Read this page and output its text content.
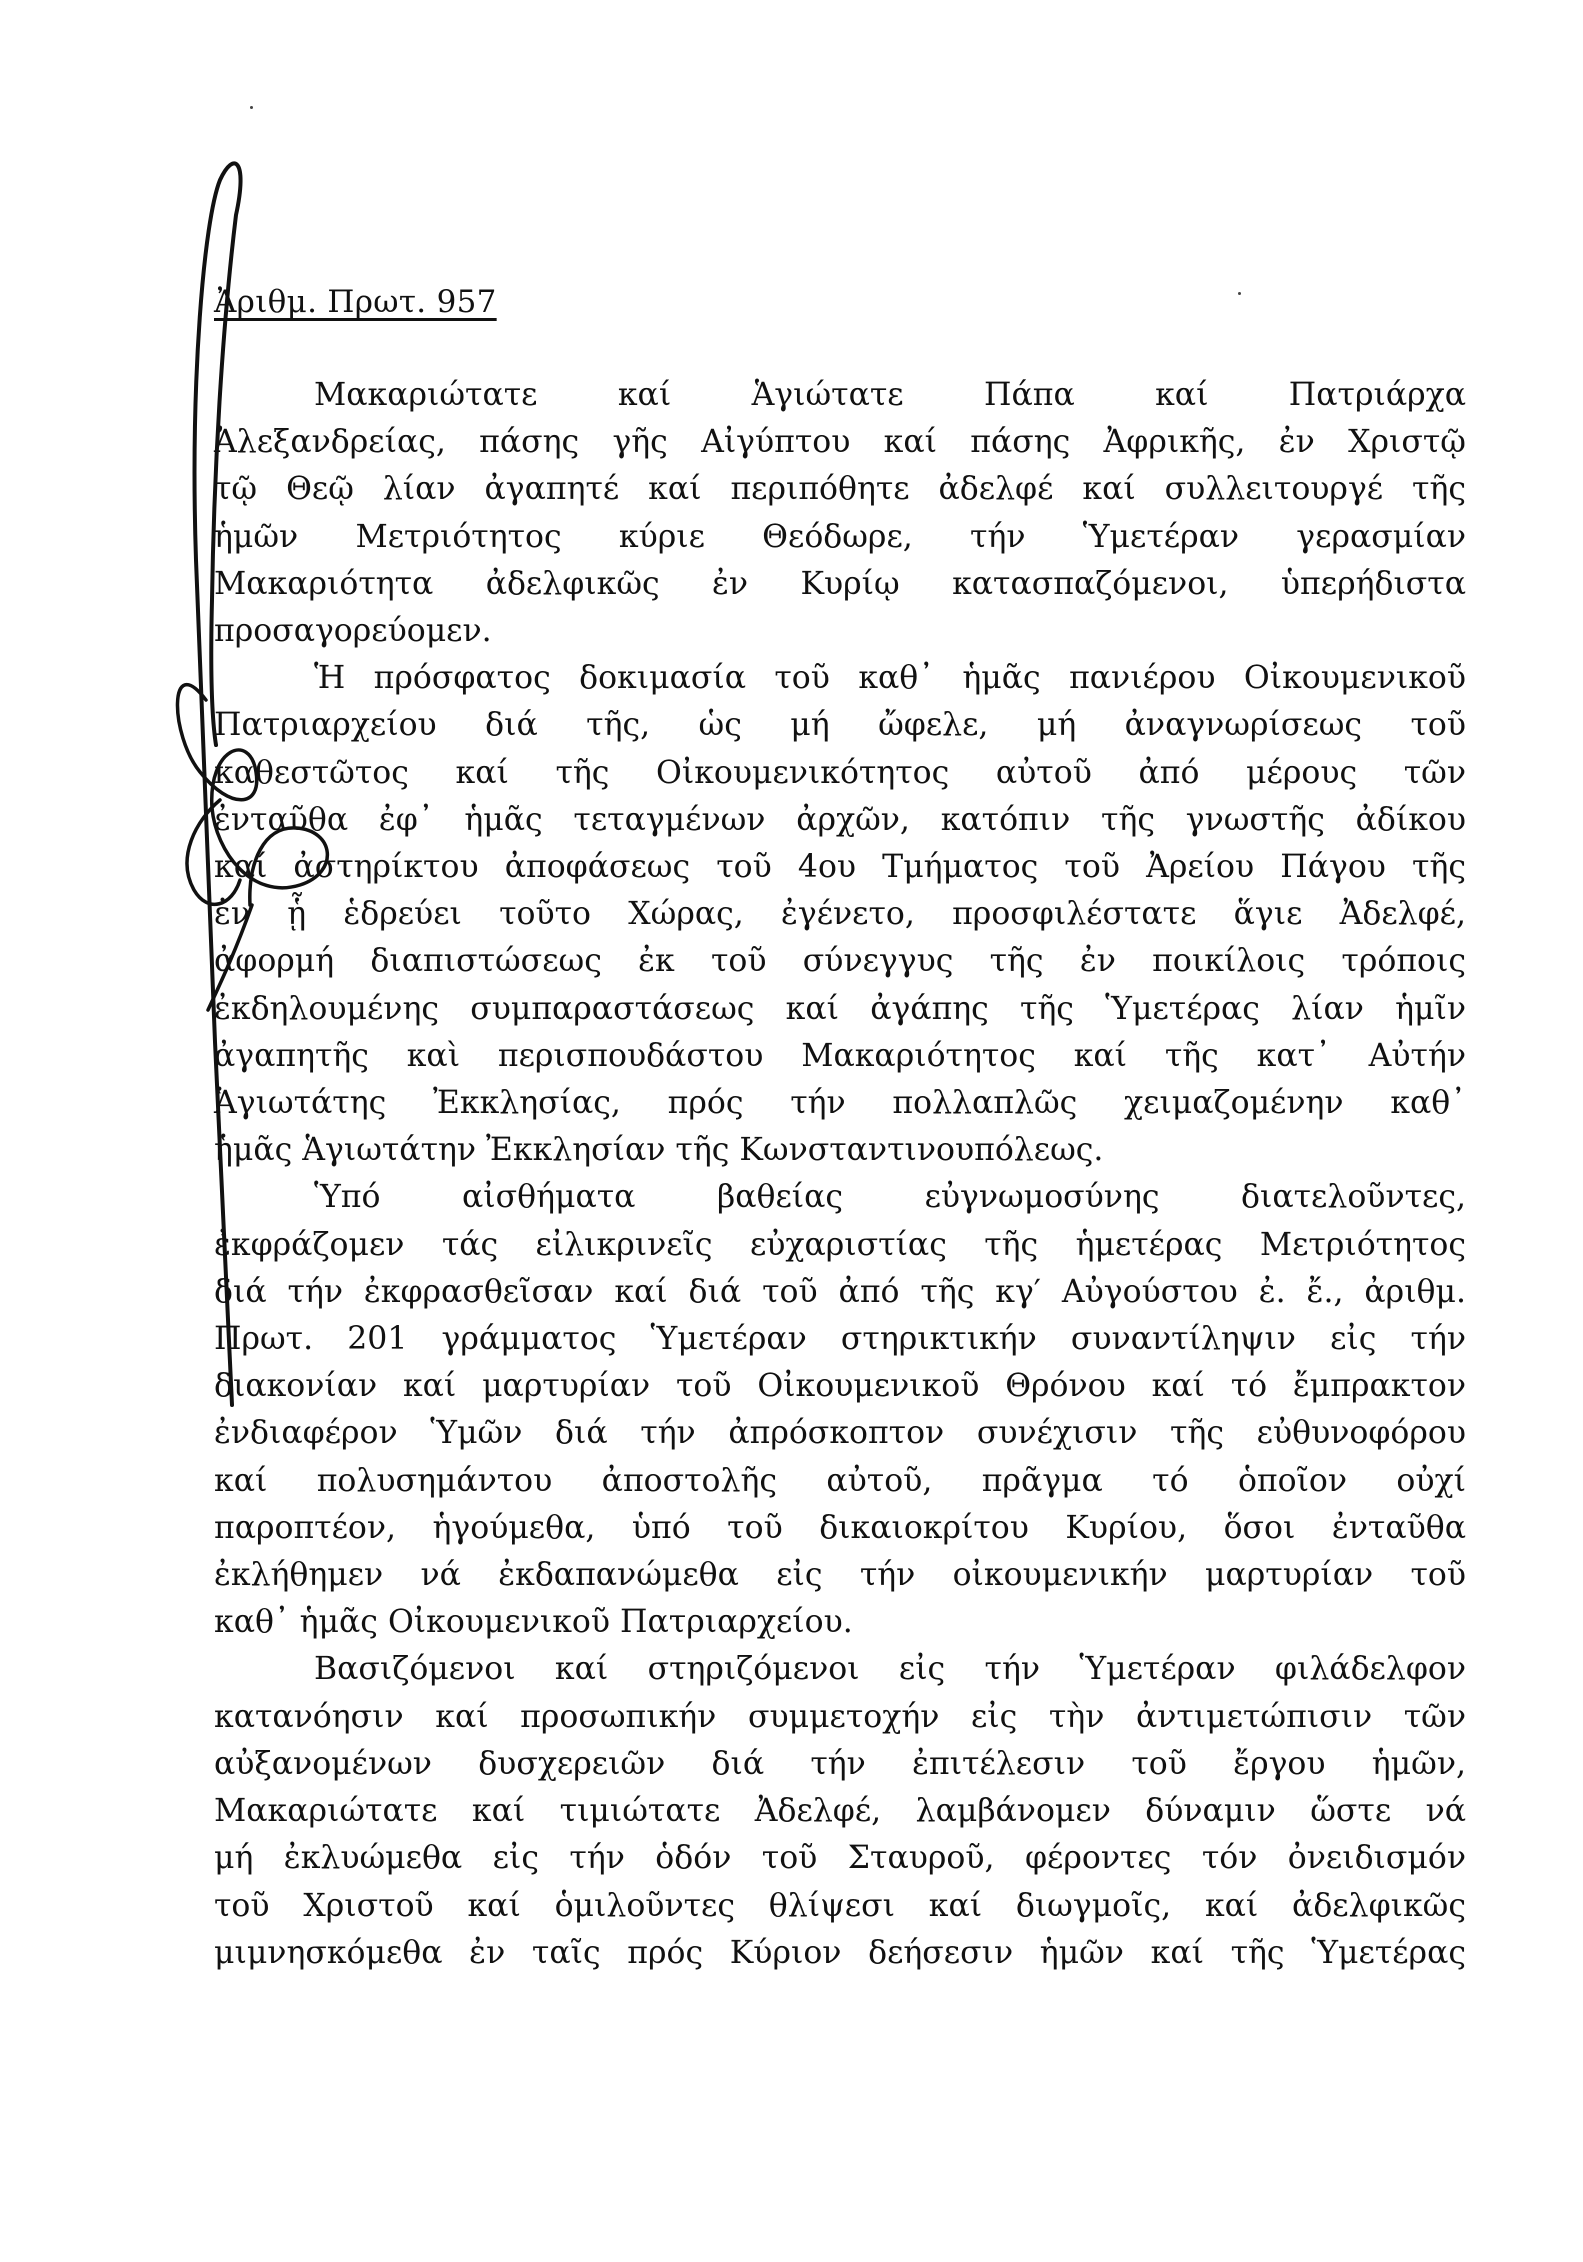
Ἀριθμ. Πρωτ. 957
Μακαριώτατε καί Ἁγιώτατε Πάπα καί Πατριάρχα
Ἀλεξανδρείας, πάσης γῆς Αἰγύπτου καί πάσης Ἀφρικῆς, ἐν Χριστῷ
τῷ Θεῷ λίαν ἀγαπητέ καί περιπόθητε ἀδελφέ καί συλλειτουργέ τῆς
ἡμῶν Μετριότητος κύριε Θεόδωρε, τήν Ὑμετέραν γερασμίαν
Μακαριότητα ἀδελφικῶς ἐν Κυρίῳ κατασπαζόμενοι, ὑπερήδιστα
προσαγορεύομεν.
Ἡ πρόσφατος δοκιμασία τοῦ καθ᾽ ἡμᾶς πανιέρου Οἰκουμενικοῦ
Πατριαρχείου διά τῆς, ὡς μή ὤφελε, μή ἀναγνωρίσεως τοῦ
καθεστῶτος καί τῆς Οἰκουμενικότητος αὐτοῦ ἀπό μέρους τῶν
ἐνταῦθα ἐφ᾽ ἡμᾶς τεταγμένων ἀρχῶν, κατόπιν τῆς γνωστῆς ἀδίκου
καί ἀστηρίκτου ἀποφάσεως τοῦ 4ου Τμήματος τοῦ Ἀρείου Πάγου τῆς
ἐν ᾗ ἑδρεύει τοῦτο Χώρας, ἐγένετο, προσφιλέστατε ἅγιε Ἀδελφέ,
ἀφορμή διαπιστώσεως ἐκ τοῦ σύνεγγυς τῆς ἐν ποικίλοις τρόποις
ἐκδηλουμένης συμπαραστάσεως καί ἀγάπης τῆς Ὑμετέρας λίαν ἡμῖν
ἀγαπητῆς καὶ περισπουδάστου Μακαριότητος καί τῆς κατ᾽ Αὐτήν
Ἁγιωτάτης Ἐκκλησίας, πρός τήν πολλαπλῶς χειμαζομένην καθ᾽
ἡμᾶς Ἁγιωτάτην Ἐκκλησίαν τῆς Κωνσταντινουπόλεως.
Ὑπό αἰσθήματα βαθείας εὐγνωμοσύνης διατελοῦντες,
ἐκφράζομεν τάς εἰλικρινεῖς εὐχαριστίας τῆς ἡμετέρας Μετριότητος
διά τήν ἐκφρασθεῖσαν καί διά τοῦ ἀπό τῆς κγ′ Αὐγούστου ἐ. ἔ., ἀριθμ.
Πρωτ. 201 γράμματος Ὑμετέραν στηρικτικήν συναντίληψιν εἰς τήν
διακονίαν καί μαρτυρίαν τοῦ Οἰκουμενικοῦ Θρόνου καί τό ἔμπρακτον
ἐνδιαφέρον Ὑμῶν διά τήν ἀπρόσκοπτον συνέχισιν τῆς εὐθυνοφόρου
καί πολυσημάντου ἀποστολῆς αὐτοῦ, πρᾶγμα τό ὁποῖον οὐχί
παροπτέον, ἡγούμεθα, ὑπό τοῦ δικαιοκρίτου Κυρίου, ὅσοι ἐνταῦθα
ἐκλήθημεν νά ἐκδαπανώμεθα εἰς τήν οἰκουμενικήν μαρτυρίαν τοῦ
καθ᾽ ἡμᾶς Οἰκουμενικοῦ Πατριαρχείου.
Βασιζόμενοι καί στηριζόμενοι εἰς τήν Ὑμετέραν φιλάδελφον
κατανόησιν καί προσωπικήν συμμετοχήν εἰς τὴν ἀντιμετώπισιν τῶν
αὐξανομένων δυσχερειῶν διά τήν ἐπιτέλεσιν τοῦ ἔργου ἡμῶν,
Μακαριώτατε καί τιμιώτατε Ἀδελφέ, λαμβάνομεν δύναμιν ὥστε νά
μή ἐκλυώμεθα εἰς τήν ὁδόν τοῦ Σταυροῦ, φέροντες τόν ὀνειδισμόν
τοῦ Χριστοῦ καί ὁμιλοῦντες θλίψεσι καί διωγμοῖς, καί ἀδελφικῶς
μιμνησκόμεθα ἐν ταῖς πρός Κύριον δεήσεσιν ἡμῶν καί τῆς Ὑμετέρας
